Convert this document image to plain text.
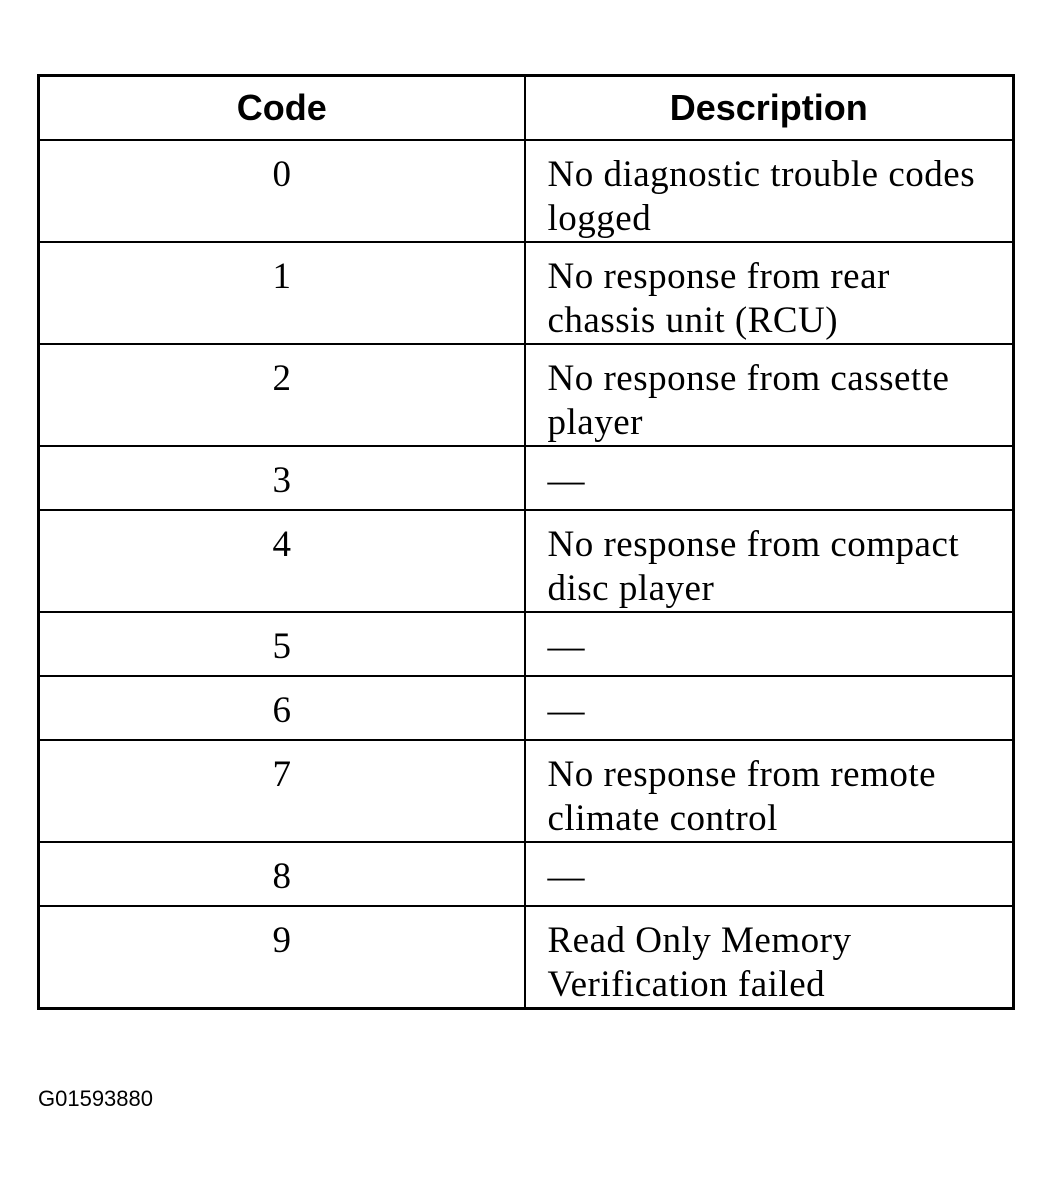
Code	Description
0	No diagnostic trouble codes logged
1	No response from rear chassis unit (RCU)
2	No response from cassette player
3	—
4	No response from compact disc player
5	—
6	—
7	No response from remote climate control
8	—
9	Read Only Memory Verification failed
G01593880
